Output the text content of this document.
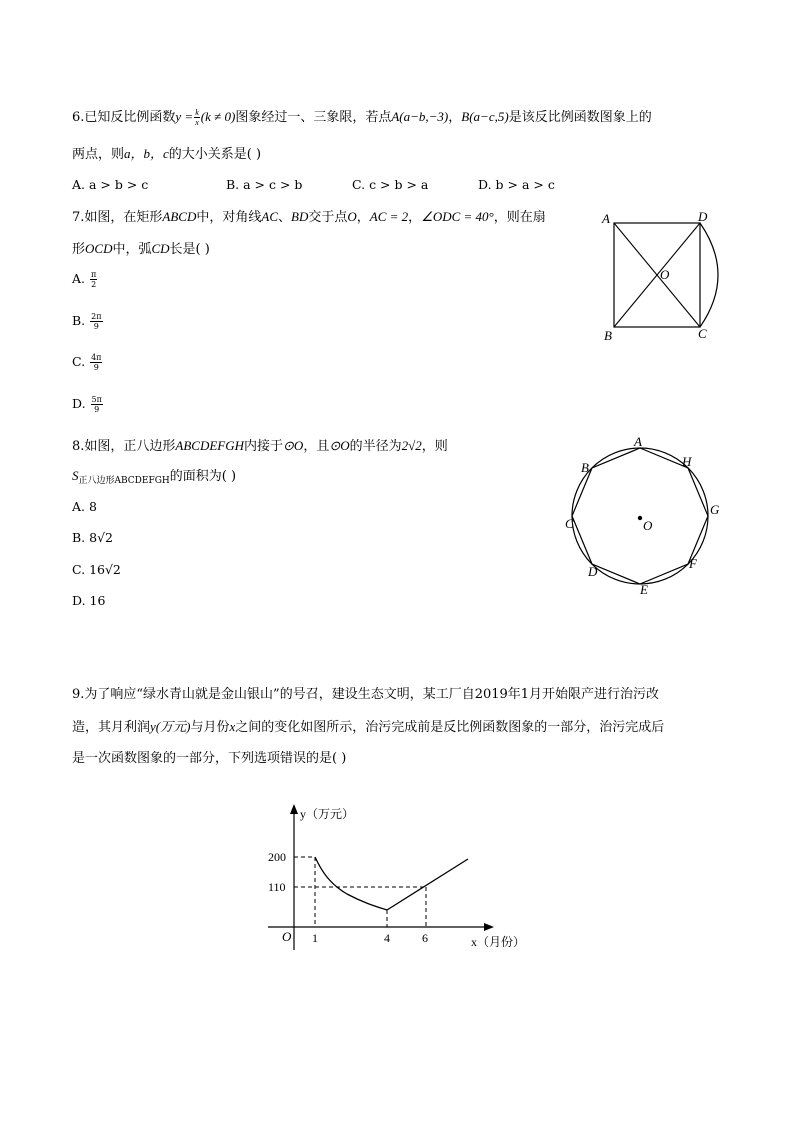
6.已知反比例函数$y = \frac{k}{x} (k \ne 0)$图象经过一、三象限，若点A(a−b,−3)，B(a−c,5)是该反比例函数图象上的
两点，则a，b，c的大小关系是( )
A. a > b > c	B. a > c > b	C. c > b > a	D. b > a > c
7.如图，在矩形ABCD中，对角线AC、BD交于点O，AC = 2，∠ODC = 40°，则在扇
形OCD中，弧CD长是( )
A. $\frac{\pi}{2}$
B. $\frac{2\pi}{9}$
C. $\frac{4\pi}{9}$
D. $\frac{5\pi}{9}$
A	D
B	C
O
8.如图，正八边形ABCDEFGH内接于⊙O，且⊙O的半径为2√2，则
$S_{正八边形ABCDEFGH}$的面积为( )
A. 8
B. 8√2
C. 16√2
D. 16
A
H
G
F
E
D
C
B
O
9.为了响应“绿水青山就是金山银山”的号召，建设生态文明，某工厂自2019年1月开始限产进行治污改
造，其月利润y(万元)与月份x之间的变化如图所示，治污完成前是反比例函数图象的一部分，治污完成后
是一次函数图象的一部分，下列选项错误的是( )
y（万元）
200
110
O 1	4	6	x（月份）
